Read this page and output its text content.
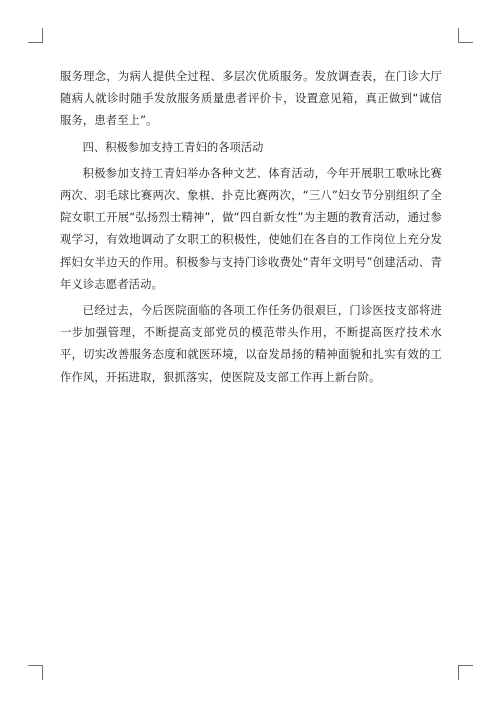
服务理念，为病人提供全过程、多层次优质服务。发放调查表，在门诊大厅随病人就诊时随手发放服务质量患者评价卡，设置意见箱，真正做到“诚信服务，患者至上”。

四、积极参加支持工青妇的各项活动

积极参加支持工青妇举办各种文艺、体育活动，今年开展职工歌咏比赛两次、羽毛球比赛两次、象棋、扑克比赛两次，“三八”妇女节分别组织了全院女职工开展“弘扬烈士精神”，做“四自新女性”为主题的教育活动，通过参观学习，有效地调动了女职工的积极性，使她们在各自的工作岗位上充分发挥妇女半边天的作用。积极参与支持门诊收费处“青年文明号”创建活动、青年义诊志愿者活动。

已经过去，今后医院面临的各项工作任务仍很艰巨，门诊医技支部将进一步加强管理，不断提高支部党员的模范带头作用，不断提高医疗技术水平，切实改善服务态度和就医环境，以奋发昂扬的精神面貌和扎实有效的工作作风，开拓进取，狠抓落实，使医院及支部工作再上新台阶。
